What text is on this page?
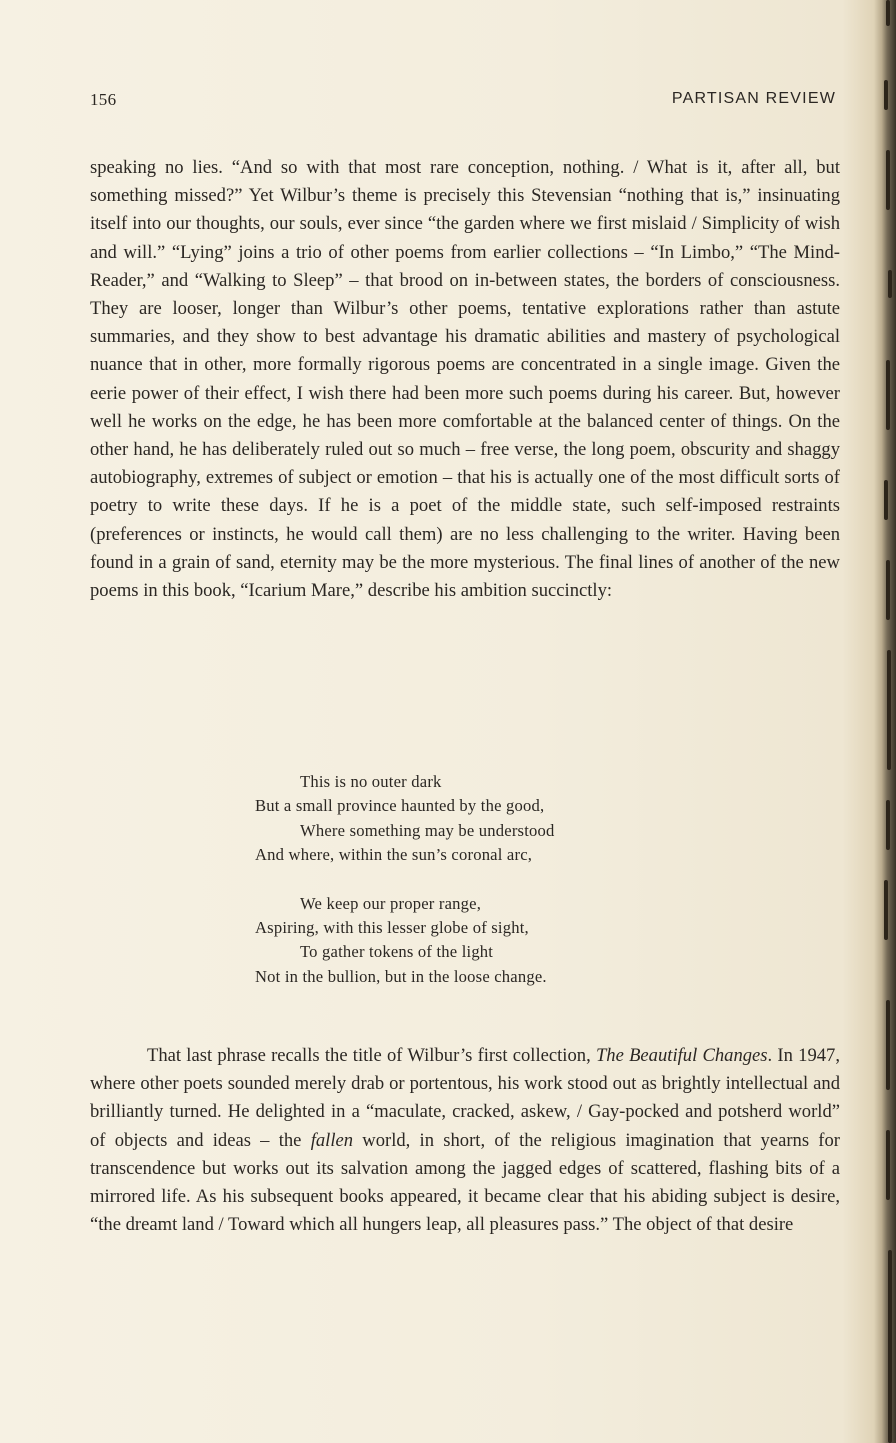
156	PARTISAN REVIEW

speaking no lies. “And so with that most rare conception, nothing. / What is it, after all, but something missed?” Yet Wilbur’s theme is precisely this Stevensian “nothing that is,” insinuating itself into our thoughts, our souls, ever since “the garden where we first mislaid / Simplicity of wish and will.” “Lying” joins a trio of other poems from earlier collections – “In Limbo,” “The Mind-Reader,” and “Walking to Sleep” – that brood on in-between states, the borders of consciousness. They are looser, longer than Wilbur’s other poems, tentative explorations rather than astute summaries, and they show to best advantage his dramatic abilities and mastery of psychological nuance that in other, more formally rigorous poems are concentrated in a single image. Given the eerie power of their effect, I wish there had been more such poems during his career. But, however well he works on the edge, he has been more comfortable at the balanced center of things. On the other hand, he has deliberately ruled out so much – free verse, the long poem, obscurity and shaggy autobiography, extremes of subject or emotion – that his is actually one of the most difficult sorts of poetry to write these days. If he is a poet of the middle state, such self-imposed restraints (preferences or instincts, he would call them) are no less challenging to the writer. Having been found in a grain of sand, eternity may be the more mysterious. The final lines of another of the new poems in this book, “Icarium Mare,” describe his ambition succinctly:

This is no outer dark
But a small province haunted by the good,
Where something may be understood
And where, within the sun’s coronal arc,
We keep our proper range,
Aspiring, with this lesser globe of sight,
To gather tokens of the light
Not in the bullion, but in the loose change.

That last phrase recalls the title of Wilbur’s first collection, The Beautiful Changes. In 1947, where other poets sounded merely drab or portentous, his work stood out as brightly intellectual and brilliantly turned. He delighted in a “maculate, cracked, askew, / Gay-pocked and potsherd world” of objects and ideas – the fallen world, in short, of the religious imagination that yearns for transcendence but works out its salvation among the jagged edges of scattered, flashing bits of a mirrored life. As his subsequent books appeared, it became clear that his abiding subject is desire, “the dreamt land / Toward which all hungers leap, all pleasures pass.” The object of that desire
